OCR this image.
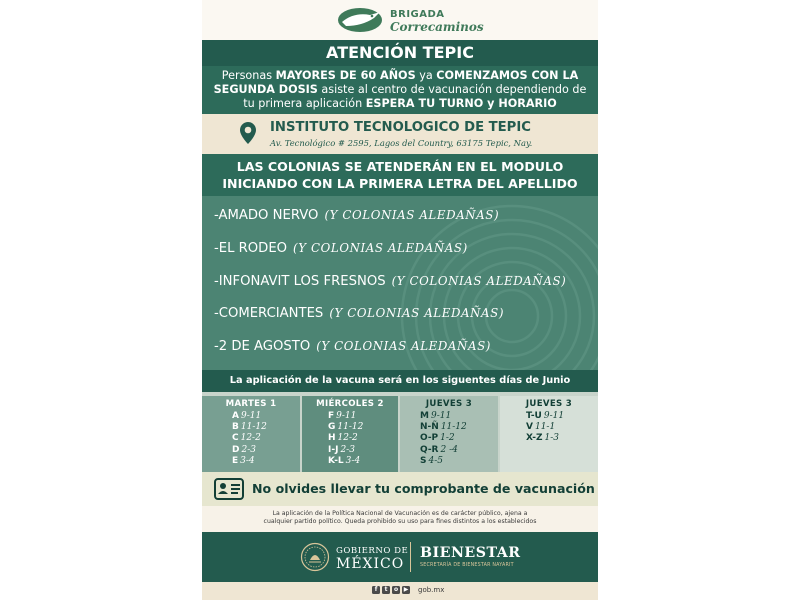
BRIGADA
Correcaminos
ATENCIÓN TEPIC

Personas MAYORES DE 60 AÑOS ya COMENZAMOS CON LA SEGUNDA DOSIS asiste al centro de vacunación dependiendo de tu primera aplicación ESPERA TU TURNO y HORARIO

INSTITUTO TECNOLOGICO DE TEPIC
Av. Tecnológico # 2595, Lagos del Country, 63175 Tepic, Nay.
LAS COLONIAS SE ATENDERÁN EN EL MODULO
INICIANDO CON LA PRIMERA LETRA DEL APELLIDO
-AMADO NERVO (Y COLONIAS ALEDAÑAS)
-EL RODEO (Y COLONIAS ALEDAÑAS)
-INFONAVIT LOS FRESNOS (Y COLONIAS ALEDAÑAS)
-COMERCIANTES (Y COLONIAS ALEDAÑAS)
-2 DE AGOSTO (Y COLONIAS ALEDAÑAS)
La aplicación de la vacuna será en los siguentes días de Junio
MARTES 1
A 9-11
B 11-12
C 12-2
D 2-3
E 3-4
MIÉRCOLES 2
F 9-11
G 11-12
H 12-2
I-J 2-3
K-L 3-4
JUEVES 3
M 9-11
N-Ñ 11-12
O-P 1-2
Q-R 2 -4
S 4-5
JUEVES 3
T-U 9-11
V 11-1
X-Z 1-3
No olvides llevar tu comprobante de vacunación

La aplicación de la Política Nacional de Vacunación es de carácter público, ajena a

cualquier partido político. Queda prohibido su uso para fines distintos a los establecidos

GOBIERNO DE
MÉXICO
BIENESTAR
SECRETARÍA DE BIENESTAR NAYARIT
f t o ▶	gob.mx
